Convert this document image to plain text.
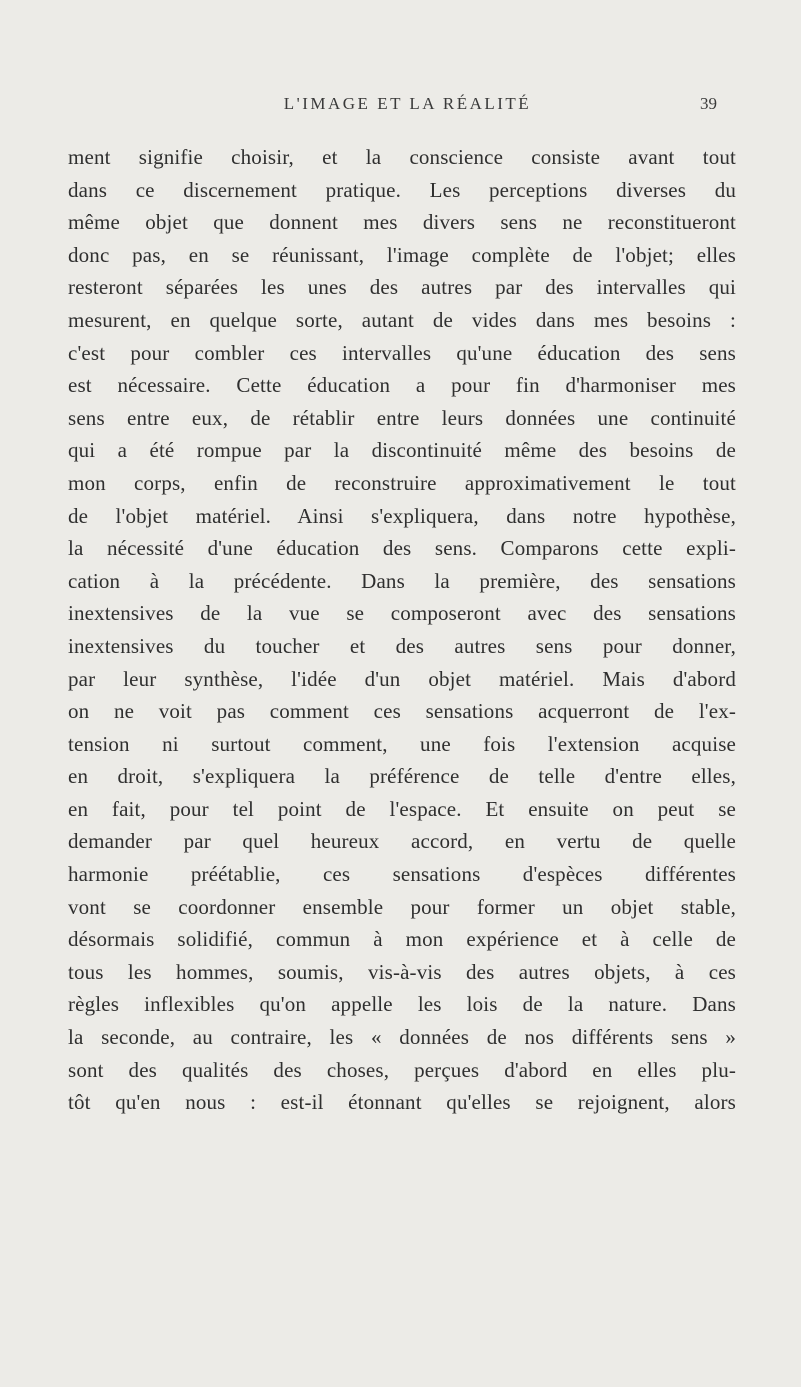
L'IMAGE ET LA RÉALITÉ	39
ment signifie choisir, et la conscience consiste avant tout
dans ce discernement pratique. Les perceptions diverses du
même objet que donnent mes divers sens ne reconstitueront
donc pas, en se réunissant, l'image complète de l'objet; elles
resteront séparées les unes des autres par des intervalles qui
mesurent, en quelque sorte, autant de vides dans mes besoins :
c'est pour combler ces intervalles qu'une éducation des sens
est nécessaire. Cette éducation a pour fin d'harmoniser mes
sens entre eux, de rétablir entre leurs données une continuité
qui a été rompue par la discontinuité même des besoins de
mon corps, enfin de reconstruire approximativement le tout
de l'objet matériel. Ainsi s'expliquera, dans notre hypothèse,
la nécessité d'une éducation des sens. Comparons cette expli-
cation à la précédente. Dans la première, des sensations
inextensives de la vue se composeront avec des sensations
inextensives du toucher et des autres sens pour donner,
par leur synthèse, l'idée d'un objet matériel. Mais d'abord
on ne voit pas comment ces sensations acquerront de l'ex-
tension ni surtout comment, une fois l'extension acquise
en droit, s'expliquera la préférence de telle d'entre elles,
en fait, pour tel point de l'espace. Et ensuite on peut se
demander par quel heureux accord, en vertu de quelle
harmonie préétablie, ces sensations d'espèces différentes
vont se coordonner ensemble pour former un objet stable,
désormais solidifié, commun à mon expérience et à celle de
tous les hommes, soumis, vis-à-vis des autres objets, à ces
règles inflexibles qu'on appelle les lois de la nature. Dans
la seconde, au contraire, les « données de nos différents sens »
sont des qualités des choses, perçues d'abord en elles plu-
tôt qu'en nous : est-il étonnant qu'elles se rejoignent, alors
